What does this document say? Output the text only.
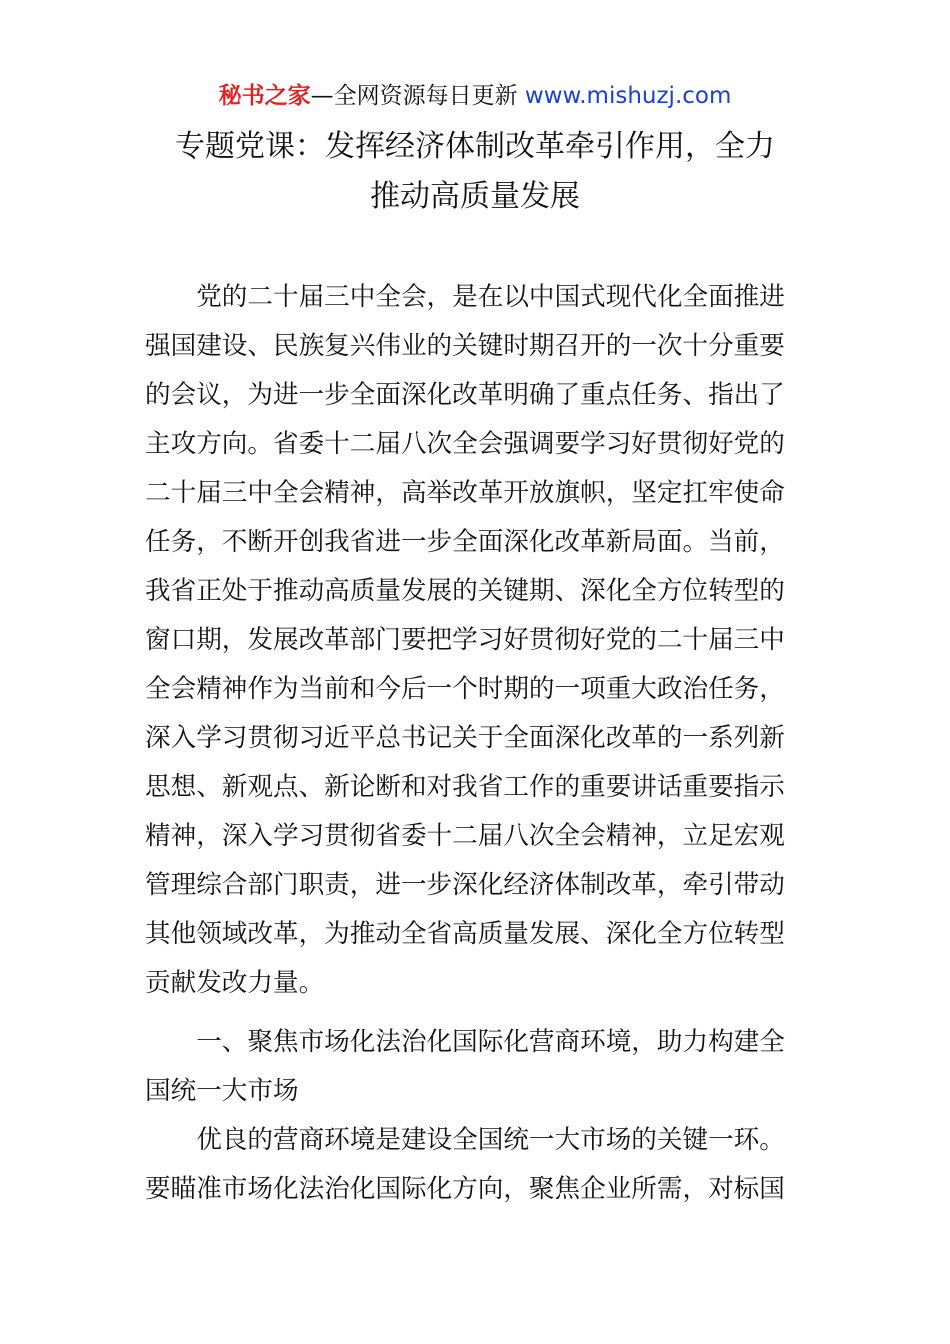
秘书之家—全网资源每日更新 www.mishuzj.com
专题党课：发挥经济体制改革牵引作用，全力
推动高质量发展
　　党的二十届三中全会，是在以中国式现代化全面推进
强国建设、民族复兴伟业的关键时期召开的一次十分重要
的会议，为进一步全面深化改革明确了重点任务、指出了
主攻方向。省委十二届八次全会强调要学习好贯彻好党的
二十届三中全会精神，高举改革开放旗帜，坚定扛牢使命
任务，不断开创我省进一步全面深化改革新局面。当前，
我省正处于推动高质量发展的关键期、深化全方位转型的
窗口期，发展改革部门要把学习好贯彻好党的二十届三中
全会精神作为当前和今后一个时期的一项重大政治任务，
深入学习贯彻习近平总书记关于全面深化改革的一系列新
思想、新观点、新论断和对我省工作的重要讲话重要指示
精神，深入学习贯彻省委十二届八次全会精神，立足宏观
管理综合部门职责，进一步深化经济体制改革，牵引带动
其他领域改革，为推动全省高质量发展、深化全方位转型
贡献发改力量。
　　一、聚焦市场化法治化国际化营商环境，助力构建全
国统一大市场
　　优良的营商环境是建设全国统一大市场的关键一环。
要瞄准市场化法治化国际化方向，聚焦企业所需，对标国
